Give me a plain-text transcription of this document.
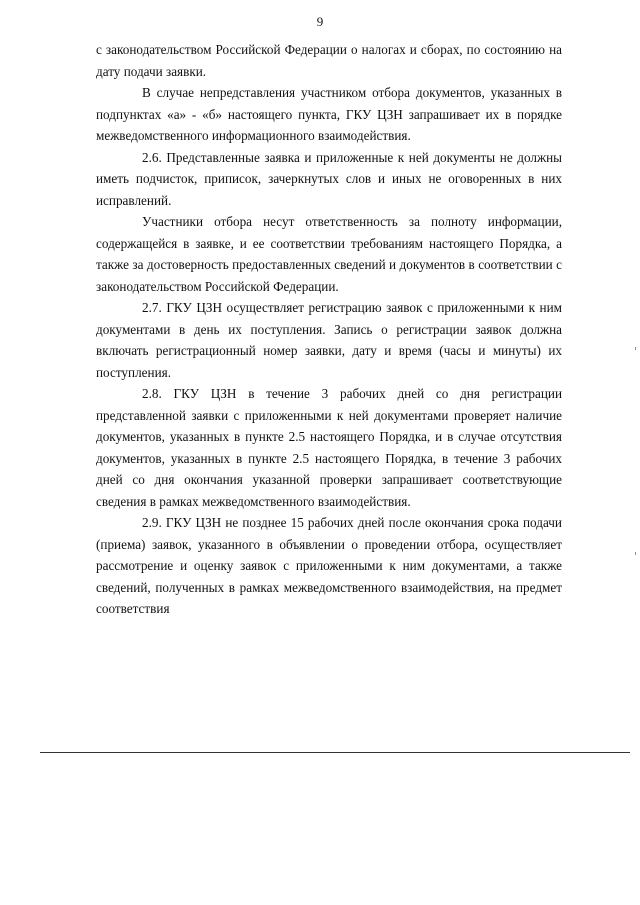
9

с законодательством Российской Федерации о налогах и сборах, по состоянию на дату подачи заявки.

В случае непредставления участником отбора документов, указанных в подпунктах «а» - «б» настоящего пункта, ГКУ ЦЗН запрашивает их в порядке межведомственного информационного взаимодействия.

2.6. Представленные заявка и приложенные к ней документы не должны иметь подчисток, приписок, зачеркнутых слов и иных не оговоренных в них исправлений.

Участники отбора несут ответственность за полноту информации, содержащейся в заявке, и ее соответствии требованиям настоящего Порядка, а также за достоверность предоставленных сведений и документов в соответствии с законодательством Российской Федерации.

2.7. ГКУ ЦЗН осуществляет регистрацию заявок с приложенными к ним документами в день их поступления. Запись о регистрации заявок должна включать регистрационный номер заявки, дату и время (часы и минуты) их поступления.

2.8. ГКУ ЦЗН в течение 3 рабочих дней со дня регистрации представленной заявки с приложенными к ней документами проверяет наличие документов, указанных в пункте 2.5 настоящего Порядка, и в случае отсутствия документов, указанных в пункте 2.5 настоящего Порядка, в течение 3 рабочих дней со дня окончания указанной проверки запрашивает соответствующие сведения в рамках межведомственного взаимодействия.

2.9. ГКУ ЦЗН не позднее 15 рабочих дней после окончания срока подачи (приема) заявок, указанного в объявлении о проведении отбора, осуществляет рассмотрение и оценку заявок с приложенными к ним документами, а также сведений, полученных в рамках межведомственного взаимодействия, на предмет соответствия
